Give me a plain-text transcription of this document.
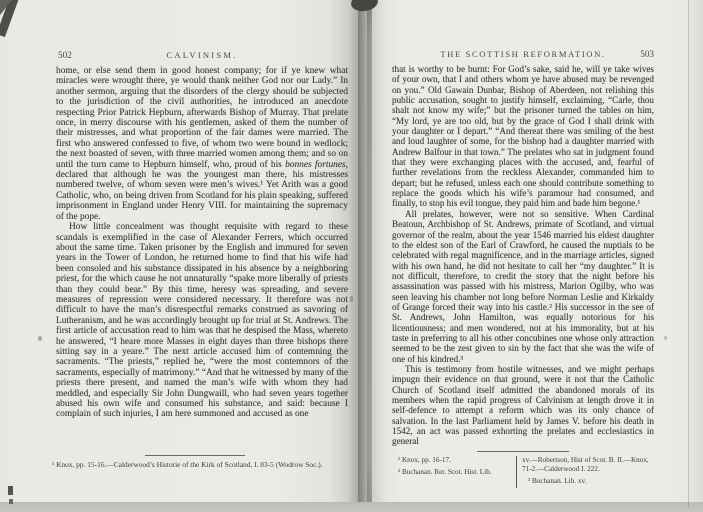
502	CALVINISM.	THE SCOTTISH REFORMATION.	503

home, or else send them in good honest company; for if ye knew what miracles were wrought there, ye would thank neither God nor our Lady.” In another sermon, arguing that the disorders of the clergy should be subjected to the jurisdiction of the civil authorities, he introduced an anecdote respecting Prior Patrick Hepburn, afterwards Bishop of Murray. That prelate once, in merry discourse with his gentlemen, asked of them the number of their mistresses, and what proportion of the fair dames were married. The first who answered confessed to five, of whom two were bound in wedlock; the next boasted of seven, with three married women among them; and so on until the turn came to Hepburn himself, who, proud of his bonnes fortunes, declared that although he was the youngest man there, his mistresses numbered twelve, of whom seven were men’s wives.¹ Yet Arith was a good Catholic, who, on being driven from Scotland for his plain speaking, suffered imprisonment in England under Henry VIII. for maintaining the supremacy of the pope.

How little concealment was thought requisite with regard to these scandals is exemplified in the case of Alexander Ferrers, which occurred about the same time. Taken prisoner by the English and immured for seven years in the Tower of London, he returned home to find that his wife had been consoled and his substance dissipated in his absence by a neighboring priest, for the which cause he not unnaturally “spake more liberally of priests than they could bear.” By this time, heresy was spreading, and severe measures of repression were considered necessary. It therefore was not difficult to have the man’s disrespectful remarks construed as savoring of Lutheranism, and he was accordingly brought up for trial at St. Andrews. The first article of accusation read to him was that he despised the Mass, whereto he answered, “I heare more Masses in eight dayes than three bishops there sitting say in a yeare.” The next article accused him of contemning the sacraments. “The priests,” replied he, “were the most contemnors of the sacraments, especially of matrimony.” “And that he witnessed by many of the priests there present, and named the man’s wife with whom they had meddled, and especially Sir John Dungwaill, who had seven years together abused his own wife and consumed his substance, and said: because I complain of such injuries, I am here summoned and accused as one

that is worthy to be burnt: For God’s sake, said he, will ye take wives of your own, that I and others whom ye have abused may be revenged on you.” Old Gawain Dunbar, Bishop of Aberdeen, not relishing this public accusation, sought to justify himself, exclaiming, “Carle, thou shalt not know my wife;” but the prisoner turned the tables on him, “My lord, ye are too old, but by the grace of God I shall drink with your daughter or I depart.” “And thereat there was smiling of the best and loud laughter of some, for the bishop had a daughter married with Andrew Balfour in that town.” The prelates who sat in judgment found that they were exchanging places with the accused, and, fearful of further revelations from the reckless Alexander, commanded him to depart; but he refused, unless each one should contribute something to replace the goods which his wife’s paramour had consumed, and finally, to stop his evil tongue, they paid him and bade him begone.¹

All prelates, however, were not so sensitive. When Cardinal Beatoun, Archbishop of St. Andrews, primate of Scotland, and virtual governor of the realm, about the year 1546 married his eldest daughter to the eldest son of the Earl of Crawford, he caused the nuptials to be celebrated with regal magnificence, and in the marriage articles, signed with his own hand, he did not hesitate to call her “my daughter.” It is not difficult, therefore, to credit the story that the night before his assassination was passed with his mistress, Marion Ogilby, who was seen leaving his chamber not long before Norman Leslie and Kirkaldy of Grange forced their way into his castle.² His successor in the see of St. Andrews, John Hamilton, was equally notorious for his licentiousness; and men wondered, not at his immorality, but at his taste in preferring to all his other concubines one whose only attraction seemed to be the zest given to sin by the fact that she was the wife of one of his kindred.³

This is testimony from hostile witnesses, and we might perhaps impugn their evidence on that ground, were it not that the Catholic Church of Scotland itself admitted the abandoned morals of its members when the rapid progress of Calvinism at length drove it in self-defence to attempt a reform which was its only chance of salvation. In the last Parliament held by James V. before his death in 1542, an act was passed exhorting the prelates and ecclesiastics in general

¹ Knox, pp. 15-16.—Calderwood’s Historie of the Kirk of Scotland, I. 83-5 (Wodrow Soc.).	¹ Knox, pp. 16-17.

² Buchanan. Rer. Scot. Hist. Lib.

xv.—Robertson, Hist of Scot. B. II.—Knox, 71-2.—Calderwood I. 222.

³ Buchanan. Lib. xv.
